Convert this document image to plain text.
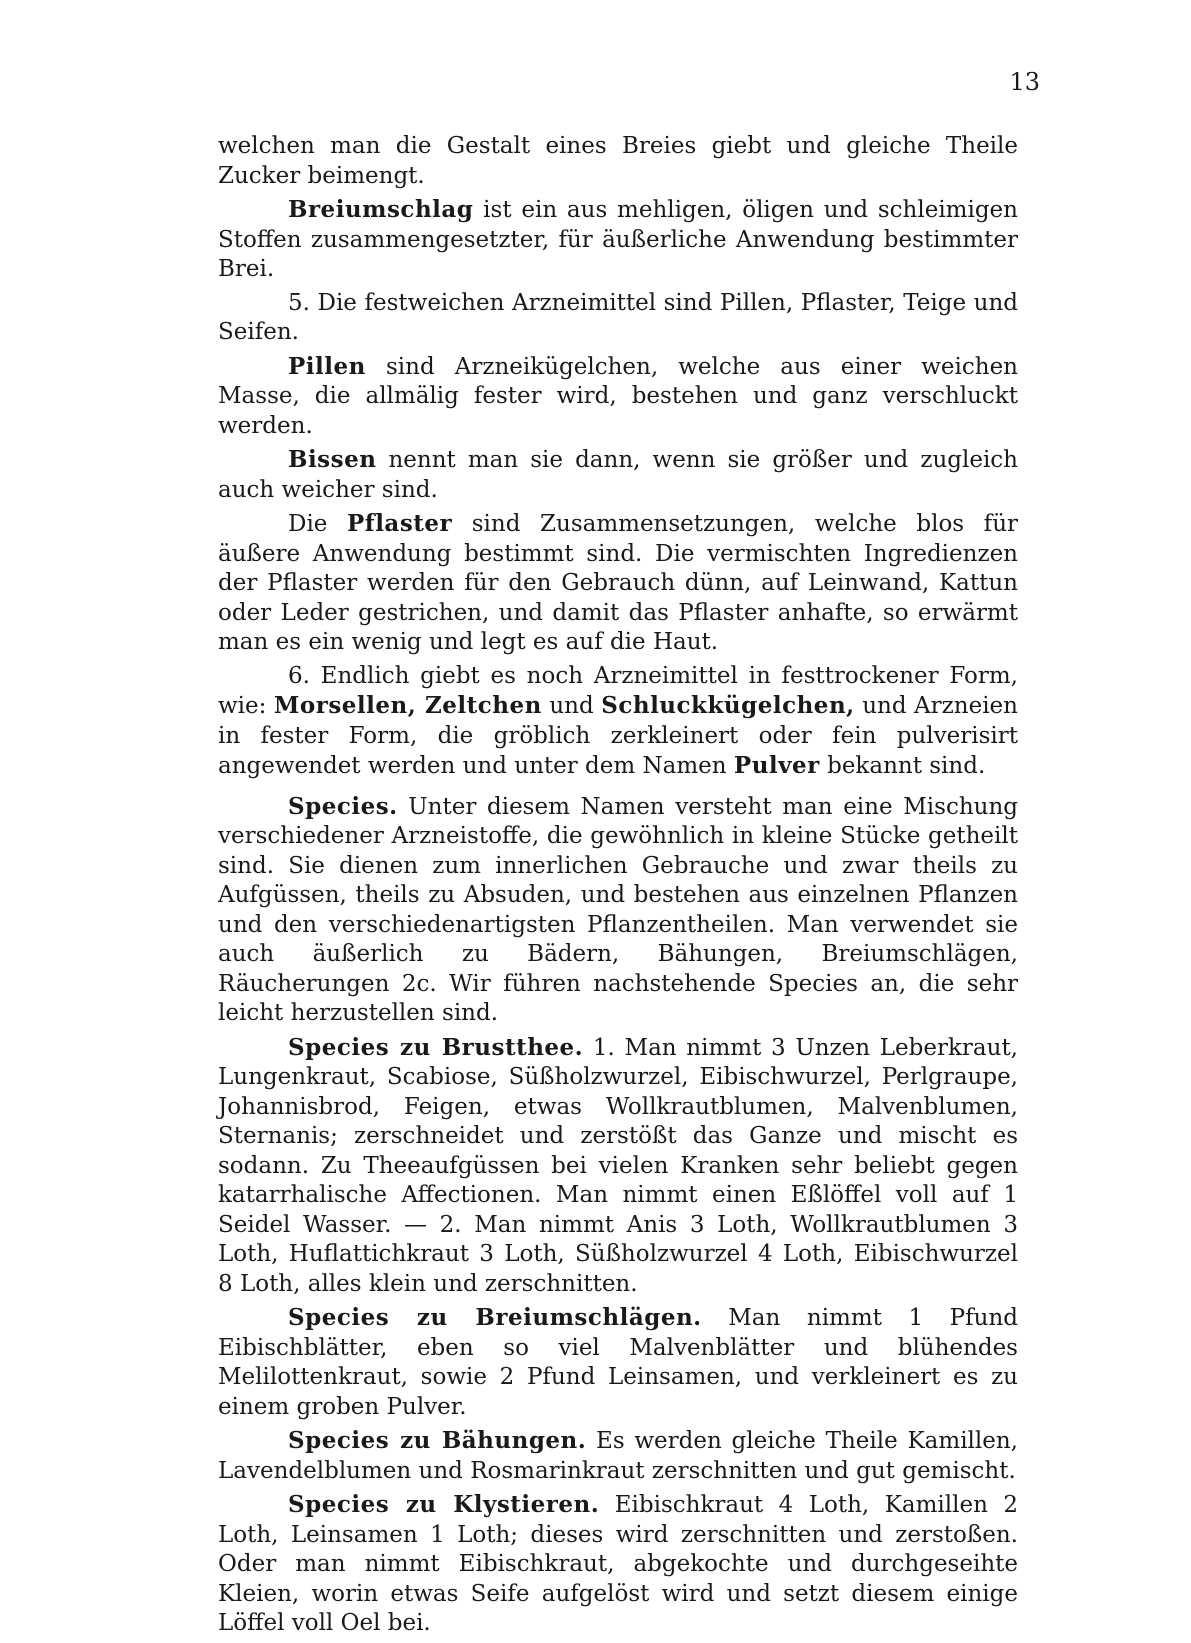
13

welchen man die Gestalt eines Breies giebt und gleiche Theile Zucker beimengt.

Breiumschlag ist ein aus mehligen, öligen und schleimigen Stoffen zusammengesetzter, für äußerliche Anwendung bestimmter Brei.

5. Die festweichen Arzneimittel sind Pillen, Pflaster, Teige und Seifen.

Pillen sind Arzneikügelchen, welche aus einer weichen Masse, die allmälig fester wird, bestehen und ganz verschluckt werden.

Bissen nennt man sie dann, wenn sie größer und zugleich auch weicher sind.

Die Pflaster sind Zusammensetzungen, welche blos für äußere Anwendung bestimmt sind. Die vermischten Ingredienzen der Pflaster werden für den Gebrauch dünn, auf Leinwand, Kattun oder Leder gestrichen, und damit das Pflaster anhafte, so erwärmt man es ein wenig und legt es auf die Haut.

6. Endlich giebt es noch Arzneimittel in festtrockener Form, wie: Morsellen, Zeltchen und Schluckkügelchen, und Arzneien in fester Form, die gröblich zerkleinert oder fein pulverisirt angewendet werden und unter dem Namen Pulver bekannt sind.

Species. Unter diesem Namen versteht man eine Mischung verschiedener Arzneistoffe, die gewöhnlich in kleine Stücke getheilt sind. Sie dienen zum innerlichen Gebrauche und zwar theils zu Aufgüssen, theils zu Absuden, und bestehen aus einzelnen Pflanzen und den verschiedenartigsten Pflanzentheilen. Man verwendet sie auch äußerlich zu Bädern, Bähungen, Breiumschlägen, Räucherungen 2c. Wir führen nachstehende Species an, die sehr leicht herzustellen sind.

Species zu Brustthee. 1. Man nimmt 3 Unzen Leberkraut, Lungenkraut, Scabiose, Süßholzwurzel, Eibischwurzel, Perlgraupe, Johannisbrod, Feigen, etwas Wollkrautblumen, Malvenblumen, Sternanis; zerschneidet und zerstößt das Ganze und mischt es sodann. Zu Theeaufgüssen bei vielen Kranken sehr beliebt gegen katarrhalische Affectionen. Man nimmt einen Eßlöffel voll auf 1 Seidel Wasser. — 2. Man nimmt Anis 3 Loth, Wollkrautblumen 3 Loth, Huflattichkraut 3 Loth, Süßholzwurzel 4 Loth, Eibischwurzel 8 Loth, alles klein und zerschnitten.

Species zu Breiumschlägen. Man nimmt 1 Pfund Eibischblätter, eben so viel Malvenblätter und blühendes Melilottenkraut, sowie 2 Pfund Leinsamen, und verkleinert es zu einem groben Pulver.

Species zu Bähungen. Es werden gleiche Theile Kamillen, Lavendelblumen und Rosmarinkraut zerschnitten und gut gemischt.

Species zu Klystieren. Eibischkraut 4 Loth, Kamillen 2 Loth, Leinsamen 1 Loth; dieses wird zerschnitten und zerstoßen. Oder man nimmt Eibischkraut, abgekochte und durchgeseihte Kleien, worin etwas Seife aufgelöst wird und setzt diesem einige Löffel voll Oel bei.
